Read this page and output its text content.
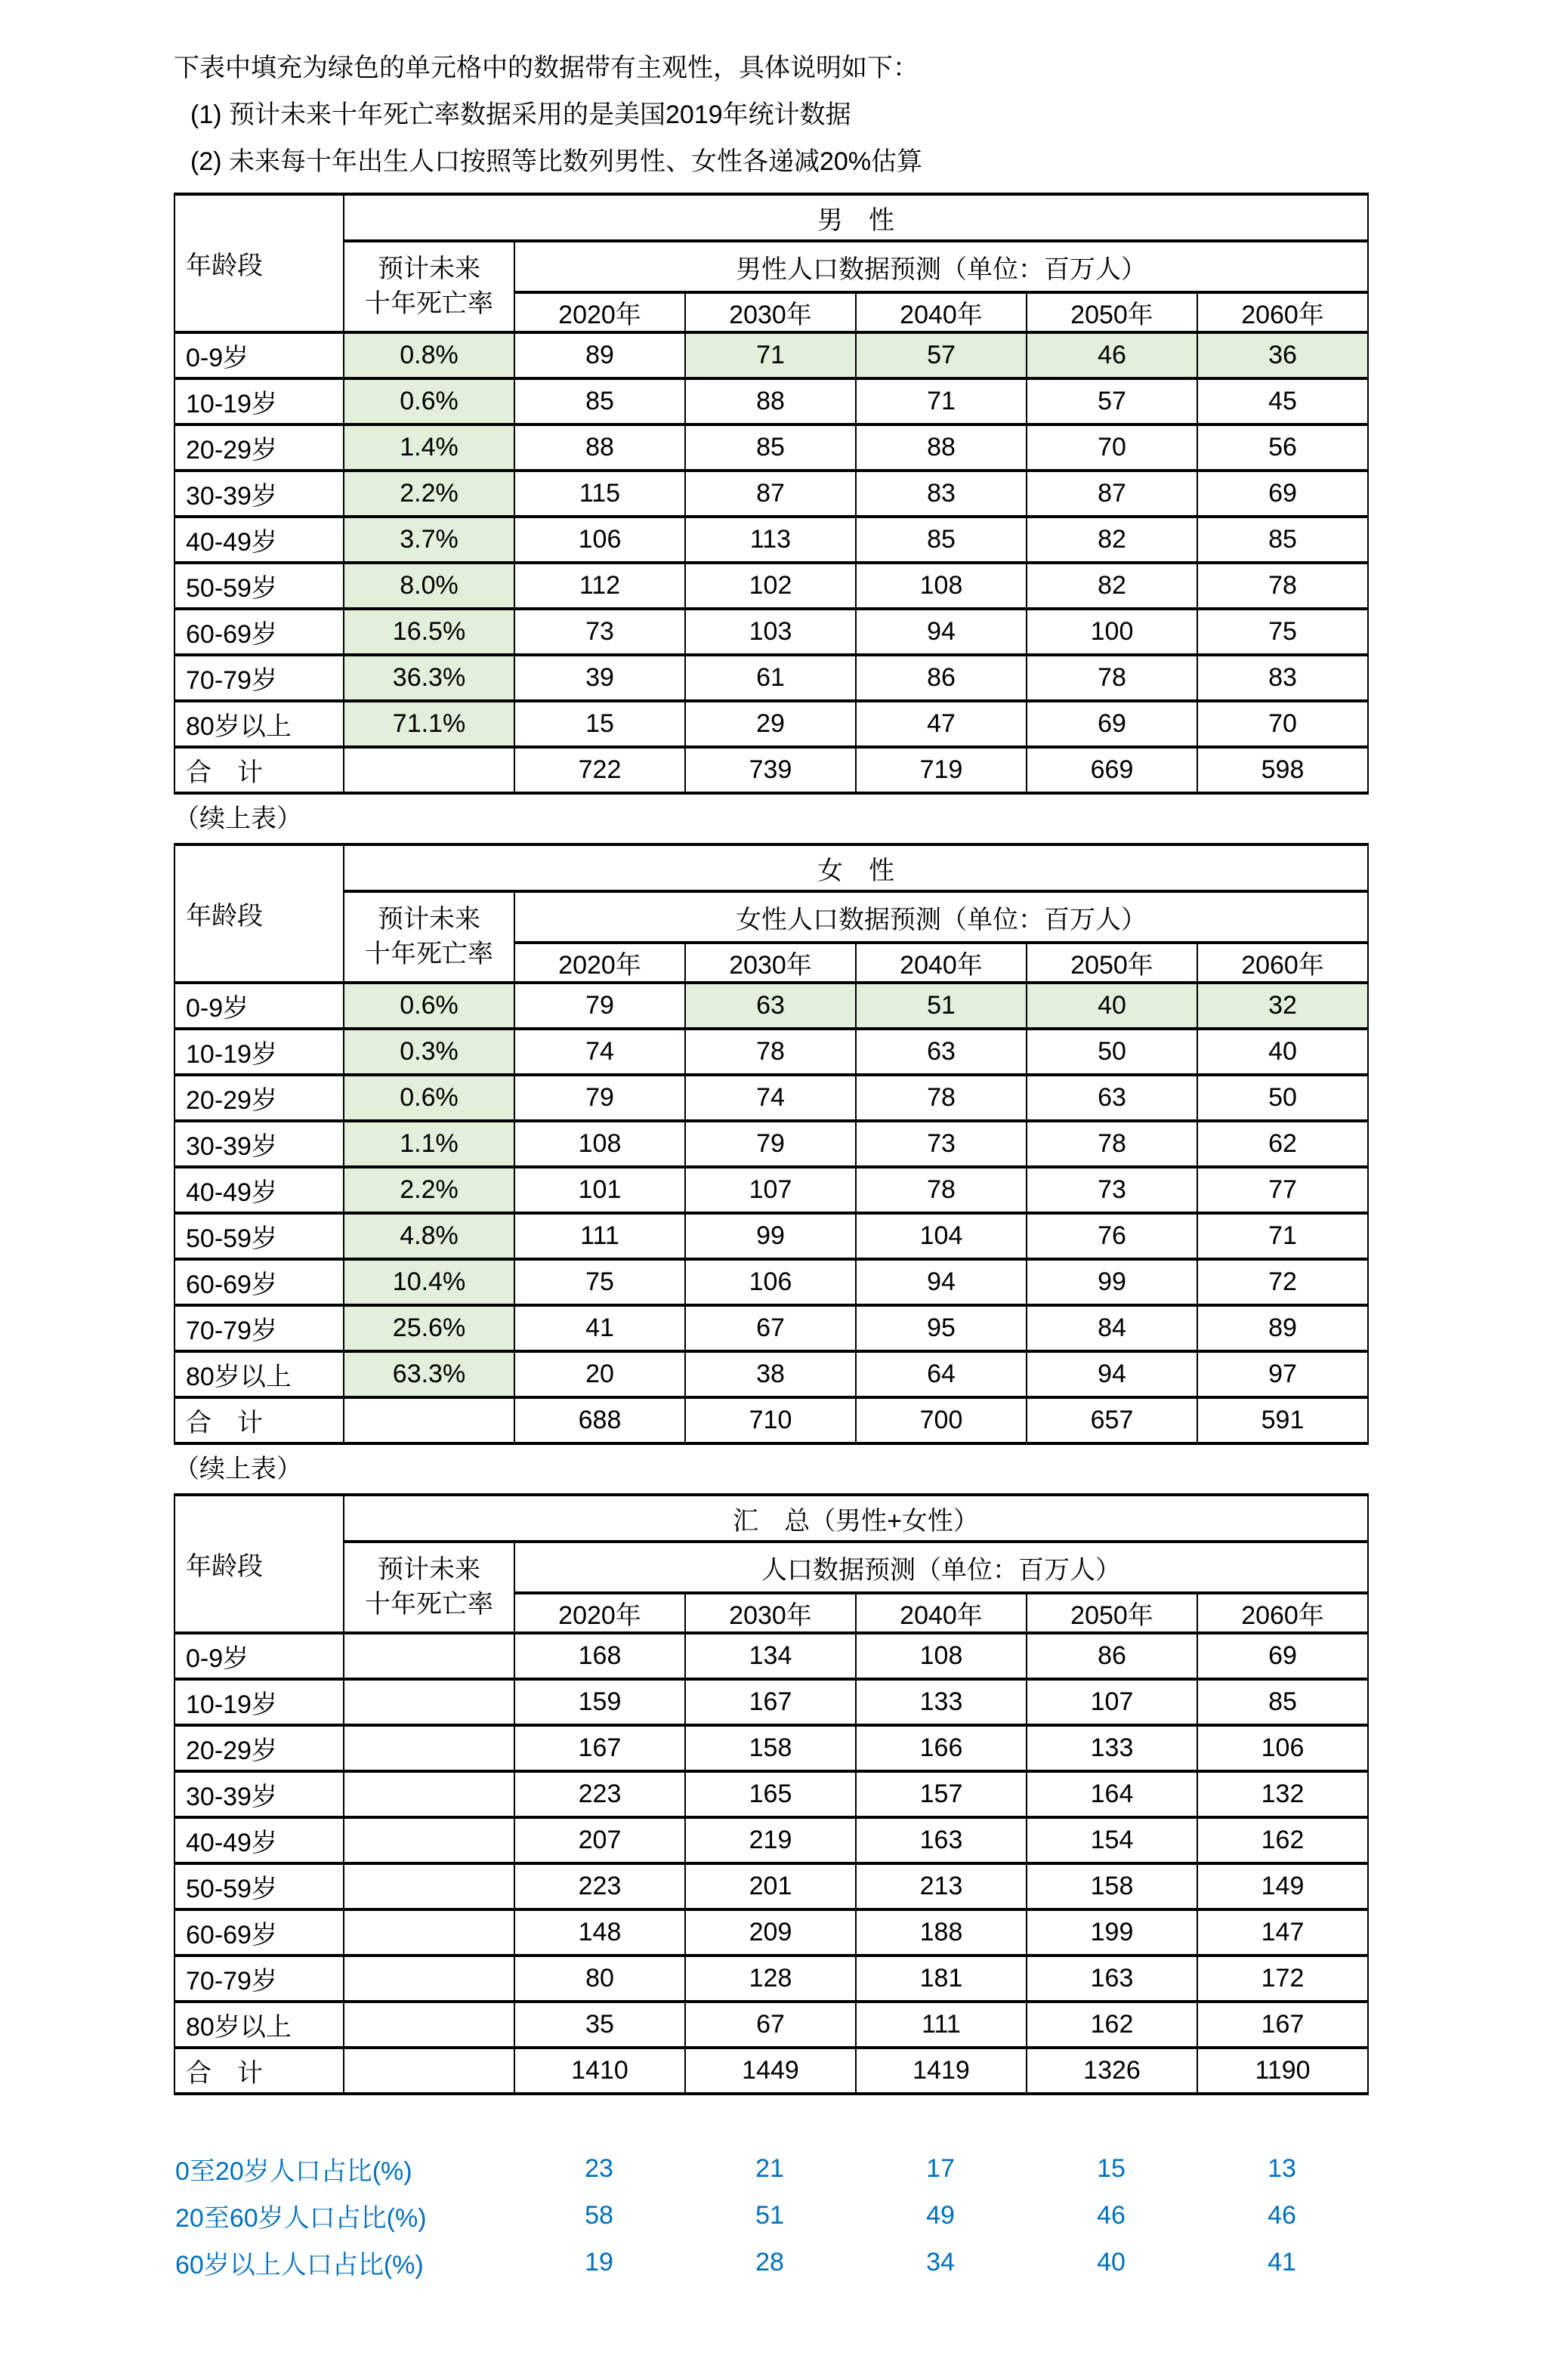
下表中填充为绿色的单元格中的数据带有主观性，具体说明如下：

(1) 预计未来十年死亡率数据采用的是美国2019年统计数据

(2) 未来每十年出生人口按照等比数列男性、女性各递减20%估算

年龄段	男　性					
	预计未来
十年死亡率	男性人口数据预测（单位：百万人）				
		2020年	2030年	2040年	2050年	2060年
0-9岁	0.8%	89	71	57	46	36
10-19岁	0.6%	85	88	71	57	45
20-29岁	1.4%	88	85	88	70	56
30-39岁	2.2%	115	87	83	87	69
40-49岁	3.7%	106	113	85	82	85
50-59岁	8.0%	112	102	108	82	78
60-69岁	16.5%	73	103	94	100	75
70-79岁	36.3%	39	61	86	78	83
80岁以上	71.1%	15	29	47	69	70
合　计		722	739	719	669	598

（续上表）

年龄段	女　性					
	预计未来
十年死亡率	女性人口数据预测（单位：百万人）				
		2020年	2030年	2040年	2050年	2060年
0-9岁	0.6%	79	63	51	40	32
10-19岁	0.3%	74	78	63	50	40
20-29岁	0.6%	79	74	78	63	50
30-39岁	1.1%	108	79	73	78	62
40-49岁	2.2%	101	107	78	73	77
50-59岁	4.8%	111	99	104	76	71
60-69岁	10.4%	75	106	94	99	72
70-79岁	25.6%	41	67	95	84	89
80岁以上	63.3%	20	38	64	94	97
合　计		688	710	700	657	591

（续上表）

年龄段	汇　总（男性+女性）					
	预计未来
十年死亡率	人口数据预测（单位：百万人）				
		2020年	2030年	2040年	2050年	2060年
0-9岁		168	134	108	86	69
10-19岁		159	167	133	107	85
20-29岁		167	158	166	133	106
30-39岁		223	165	157	164	132
40-49岁		207	219	163	154	162
50-59岁		223	201	213	158	149
60-69岁		148	209	188	199	147
70-79岁		80	128	181	163	172
80岁以上		35	67	111	162	167
合　计		1410	1449	1419	1326	1190
0至20岁人口占比(%)	23	21	17	15	13
20至60岁人口占比(%)	58	51	49	46	46
60岁以上人口占比(%)	19	28	34	40	41
